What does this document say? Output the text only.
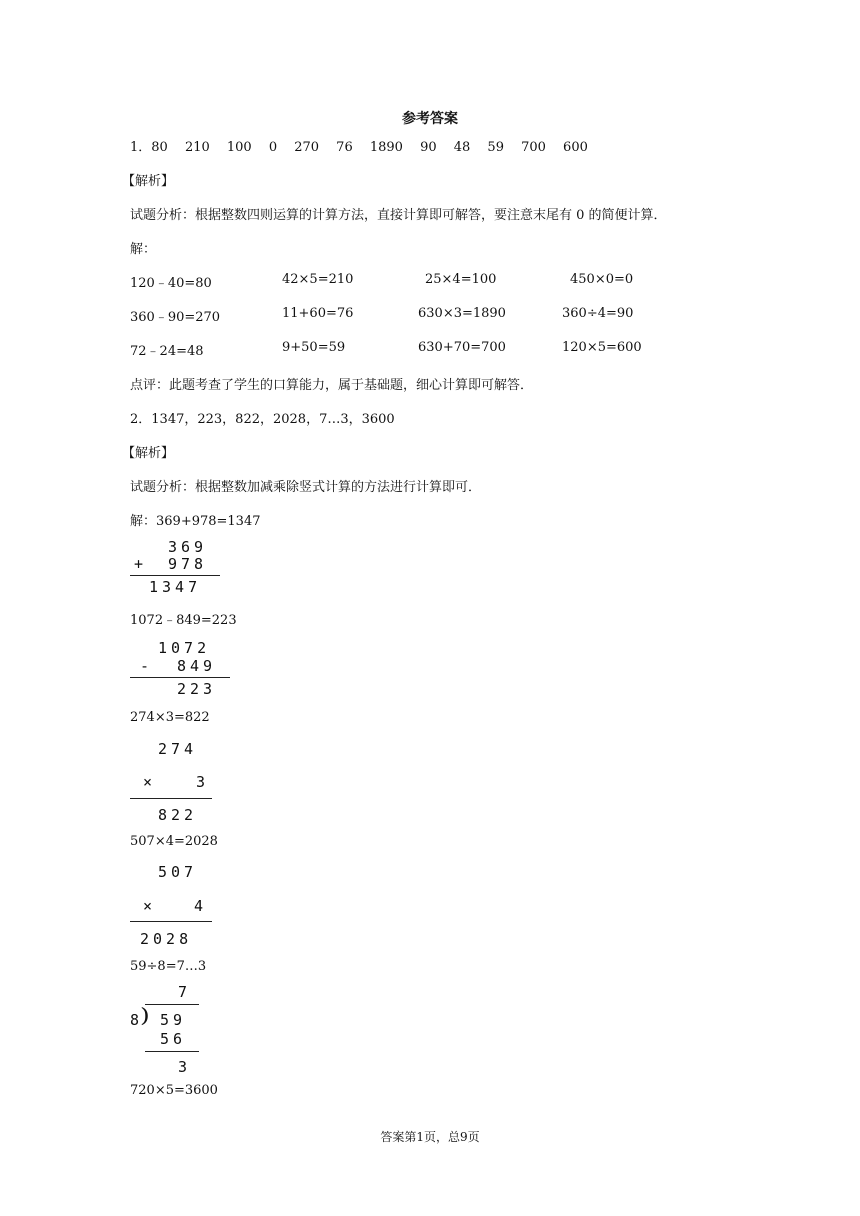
参考答案
1．80　 210　 100　 0　 270　 76　 1890　 90　 48　 59　 700　 600
【解析】
试题分析：根据整数四则运算的计算方法，直接计算即可解答，要注意末尾有 0 的简便计算．
解：
120﹣40=80	42×5=210	25×4=100	450×0=0
360﹣90=270	11+60=76	630×3=1890	360÷4=90
72﹣24=48	9+50=59	630+70=700	120×5=600
点评：此题考查了学生的口算能力，属于基础题，细心计算即可解答．
2．1347，223，822，2028，7…3，3600
【解析】
试题分析：根据整数加减乘除竖式计算的方法进行计算即可．
解：369+978=1347
369
+ 978
1347
1072﹣849=223
1072
- 849
223
274×3=822
274
×	3
822
507×4=2028
507
×	4
2028
59÷8=7…3
7
8
) 59
56
3
720×5=3600
答案第1页，总9页
